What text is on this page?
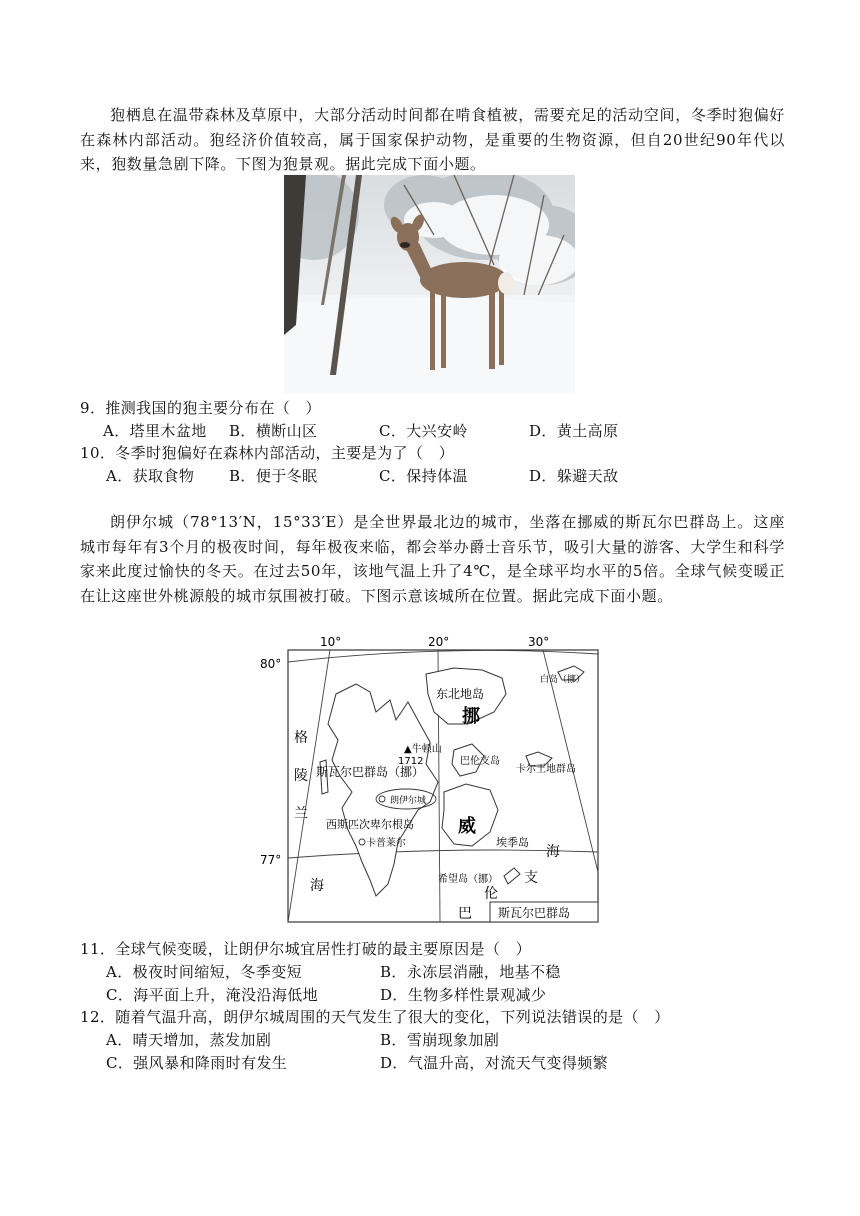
狍栖息在温带森林及草原中，大部分活动时间都在啃食植被，需要充足的活动空间，冬季时狍偏好在森林内部活动。狍经济价值较高，属于国家保护动物，是重要的生物资源，但自20世纪90年代以来，狍数量急剧下降。下图为狍景观。据此完成下面小题。

9．推测我国的狍主要分布在（　）

A．塔里木盆地 B．横断山区	C．大兴安岭	D．黄土高原

10．冬季时狍偏好在森林内部活动，主要是为了（　）

A．获取食物 B．便于冬眠	C．保持体温	D．躲避天敌

朗伊尔城（78°13′N，15°33′E）是全世界最北边的城市，坐落在挪威的斯瓦尔巴群岛上。这座城市每年有3个月的极夜时间，每年极夜来临，都会举办爵士音乐节，吸引大量的游客、大学生和科学家来此度过愉快的冬天。在过去50年，该地气温上升了4℃，是全球平均水平的5倍。全球气候变暖正在让这座世外桃源般的城市氛围被打破。下图示意该城所在位置。据此完成下面小题。

10°	20°	30°
80°
77°
东北地岛
白岛（挪）
挪
威
海
格
陵
兰
海
▲牛顿山
1712
斯瓦尔巴群岛（挪）
巴伦支岛
卡尔王地群岛
朗伊尔城
西斯匹次卑尔根岛
卡普莱尔	埃季岛
希望岛（挪） 支
伦
巴 斯瓦尔巴群岛

11．全球气候变暖，让朗伊尔城宜居性打破的最主要原因是（　）

A．极夜时间缩短，冬季变短	B．永冻层消融，地基不稳

C．海平面上升，淹没沿海低地	D．生物多样性景观减少

12．随着气温升高，朗伊尔城周围的天气发生了很大的变化，下列说法错误的是（　）

A．晴天增加，蒸发加剧	B．雪崩现象加剧

C．强风暴和降雨时有发生	D．气温升高，对流天气变得频繁
